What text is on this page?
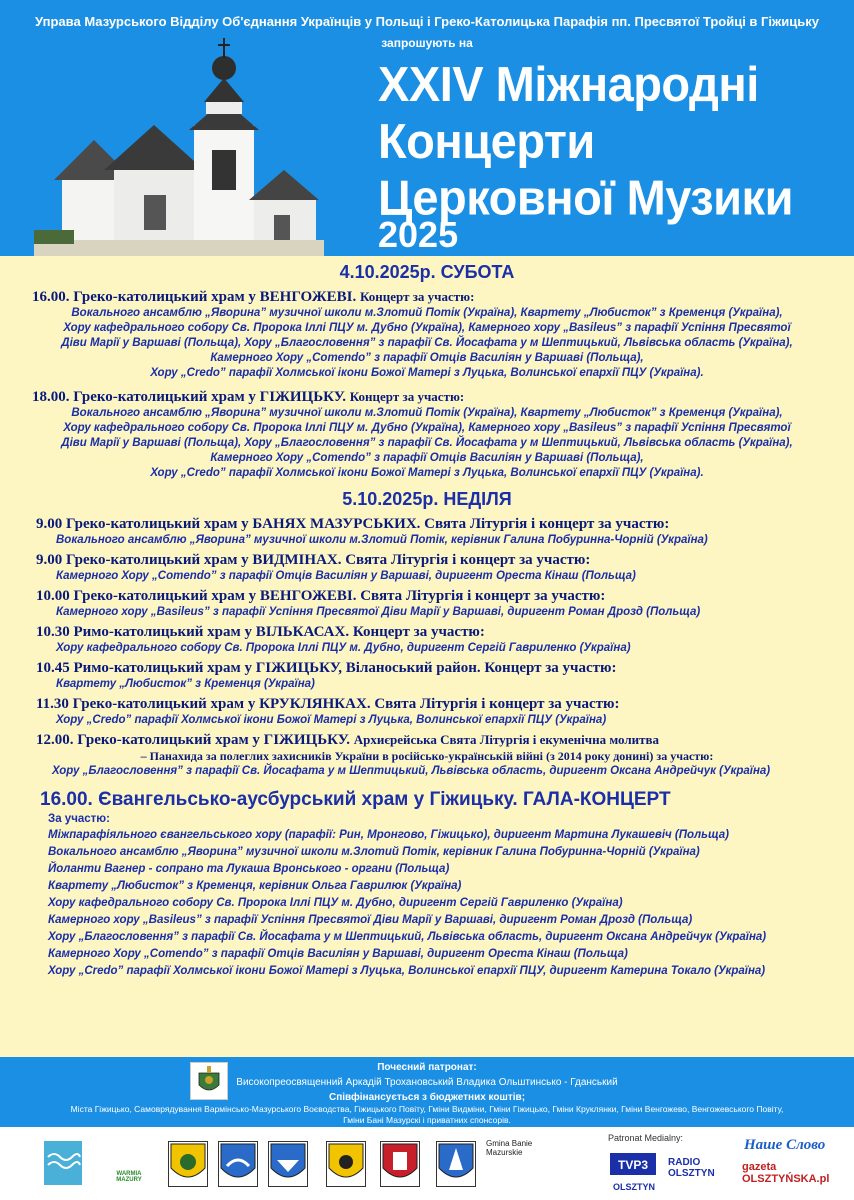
Управа Мазурського Відділу Об'єднання Українців у Польщі і Греко-Католицька Парафія пп. Пресвятої Тройці в Гіжицьку
запрошують на
XXIV Міжнародні
Концерти
Церковної Музики
2025
4.10.2025р. СУБОТА
16.00. Греко-католицький храм у ВЕНГОЖЕВІ. Концерт за участю:
Вокального ансамблю „Яворина” музичної школи м.Злотий Потік (Україна), Квартету „Любисток” з Кременця (Україна),
Хору кафедрального собору Св. Пророка Іллі ПЦУ м. Дубно (Україна), Камерного хору „Basileus” з парафії Успіння Пресвятої
Діви Марії у Варшаві (Польща), Хору „Благословення” з парафії Св. Йосафата у м Шептицький, Львівська область (Україна),
Камерного Хору „Comendo” з парафії Отців Василіян у Варшаві (Польща),
Хору „Credo” парафії Холмської ікони Божої Матері з Луцька, Волинської епархії ПЦУ (Україна).
18.00. Греко-католицький храм у ГІЖИЦЬКУ. Концерт за участю:
Вокального ансамблю „Яворина” музичної школи м.Злотий Потік (Україна), Квартету „Любисток” з Кременця (Україна),
Хору кафедрального собору Св. Пророка Іллі ПЦУ м. Дубно (Україна), Камерного хору „Basileus” з парафії Успіння Пресвятої
Діви Марії у Варшаві (Польща), Хору „Благословення” з парафії Св. Йосафата у м Шептицький, Львівська область (Україна),
Камерного Хору „Comendo” з парафії Отців Василіян у Варшаві (Польща),
Хору „Credo” парафії Холмської ікони Божої Матері з Луцька, Волинської епархії ПЦУ (Україна).
5.10.2025р. НЕДІЛЯ
9.00 Греко-католицький храм у БАНЯХ МАЗУРСЬКИХ. Свята Літургія і концерт за участю:
Вокального ансамблю „Яворина” музичної школи м.Злотий Потік, керівник Галина Побуринна-Чорній (Україна)
9.00 Греко-католицький храм у ВИДМІНАХ. Свята Літургія і концерт за участю:
Камерного Хору „Comendo” з парафії Отців Василіян у Варшаві, диригент Ореста Кінаш (Польща)
10.00 Греко-католицький храм у ВЕНГОЖЕВІ. Свята Літургія і концерт за участю:
Камерного хору „Basileus” з парафії Успіння Пресвятої Діви Марії у Варшаві, диригент Роман Дрозд (Польща)
10.30 Римо-католицький храм у ВІЛЬКАСАХ. Концерт за участю:
Хору кафедрального собору Св. Пророка Іллі ПЦУ м. Дубно, диригент Сергій Гавриленко (Україна)
10.45 Римо-католицький храм у ГІЖИЦЬКУ, Віланоський район. Концерт за участю:
Квартету „Любисток” з Кременця (Україна)
11.30 Греко-католицький храм у КРУКЛЯНКАХ. Свята Літургія і концерт за участю:
Хору „Credo” парафії Холмської ікони Божої Матері з Луцька, Волинської епархії ПЦУ (Україна)
12.00. Греко-католицький храм у ГІЖИЦЬКУ. Архиєрейська Свята Літургія і екуменічна молитва
– Панахида за полеглих захисників України в російсько-українській війні (з 2014 року донині) за участю:
Хору „Благословення” з парафії Св. Йосафата у м Шептицький, Львівська область, диригент Оксана Андрейчук (Україна)
16.00. Євангельсько-аусбурський храм у Гіжицьку. ГАЛА-КОНЦЕРТ
За участю:
Міжпарафіяльного євангельського хору (парафії: Рин, Мронгово, Гіжицько), диригент Мартина Лукашевіч (Польща)
Вокального ансамблю „Яворина” музичної школи м.Злотий Потік, керівник Галина Побуринна-Чорній (Україна)
Йоланти Вагнер - сопрано та Лукаша Вронського - органи (Польща)
Квартету „Любисток” з Кременця, керівник Ольга Гаврилюк (Україна)
Хору кафедрального собору Св. Пророка Іллі ПЦУ м. Дубно, диригент Сергій Гавриленко (Україна)
Камерного хору „Basileus” з парафії Успіння Пресвятої Діви Марії у Варшаві, диригент Роман Дрозд (Польща)
Хору „Благословення” з парафії Св. Йосафата у м Шептицький, Львівська область, диригент Оксана Андрейчук (Україна)
Камерного Хору „Comendo” з парафії Отців Василіян у Варшаві, диригент Ореста Кінаш (Польща)
Хору „Credo” парафії Холмської ікони Божої Матері з Луцька, Волинської епархії ПЦУ, диригент Катерина Токало (Україна)
Почесний патронат:
Високопреосвященний Аркадій Трохановський Владика Ольштинсько - Гданський
Співфінансується з бюджетних коштів;
Міста Гіжицько, Самоврядування Вармінсько-Мазурського Воєводства, Гіжицького Повіту, Гміни Видміни, Гміни Гіжицько, Гміни Круклянки, Гміни Венгожево, Венгожевського Повіту, Гміни Бані Мазурскі і приватних спонсорів.
WARMIA MAZURY
Gmina Banie Mazurskie
Patronat Medialny:
TVP3
OLSZTYN
RADIO OLSZTYN
Наше Слово
gazeta OLSZTYŃSKA.pl
